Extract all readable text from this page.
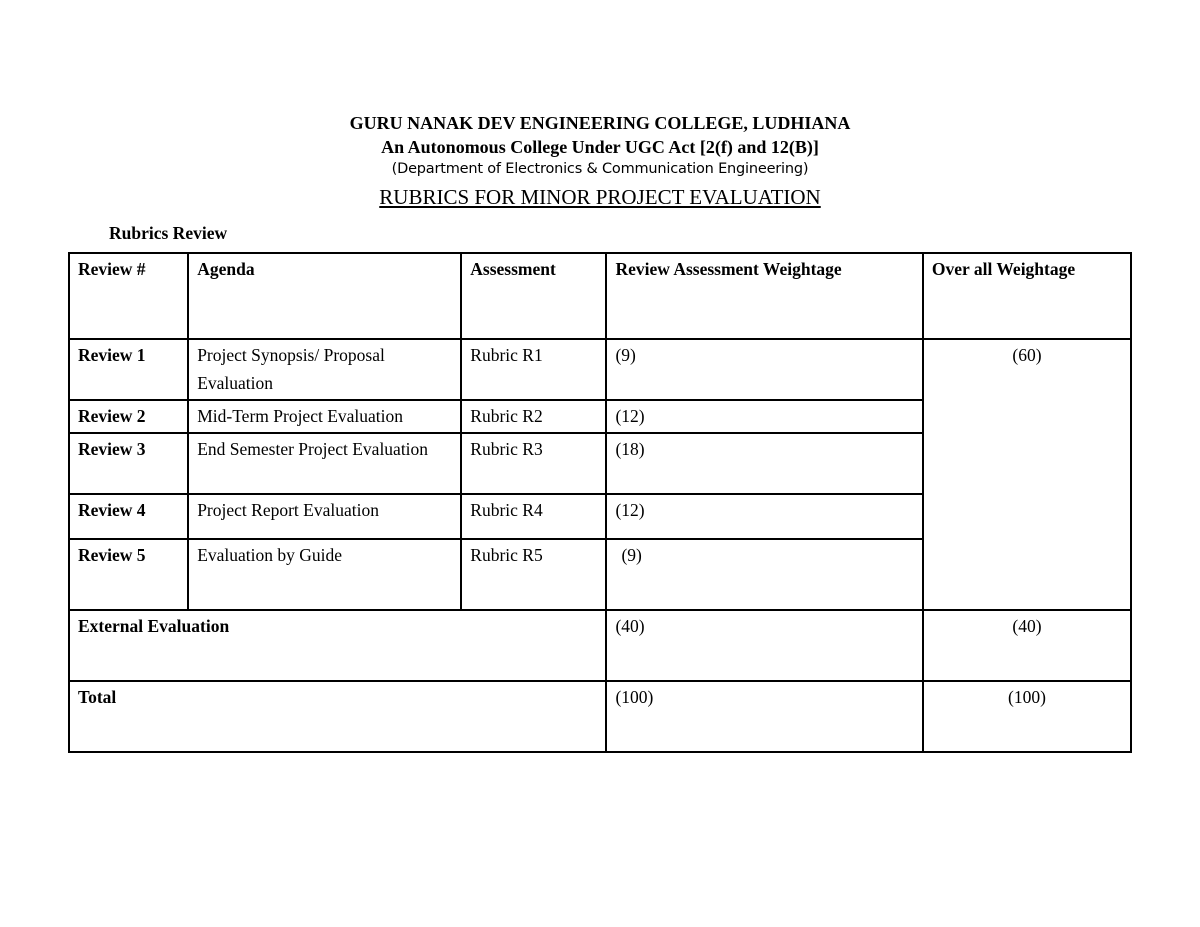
GURU NANAK DEV ENGINEERING COLLEGE, LUDHIANA

An Autonomous College Under UGC Act [2(f) and 12(B)]

(Department of Electronics & Communication Engineering)

RUBRICS FOR MINOR PROJECT EVALUATION

Rubrics Review
Review #	Agenda	Assessment	Review Assessment Weightage	Over all Weightage
Review 1	Project Synopsis/ Proposal Evaluation	Rubric R1	(9)	(60)
Review 2	Mid-Term Project Evaluation	Rubric R2	(12)	
Review 3	End Semester Project Evaluation	Rubric R3	(18)	
Review 4	Project Report Evaluation	Rubric R4	(12)	
Review 5	Evaluation by Guide	Rubric R5	(9)	
External Evaluation			(40)	(40)
Total			(100)	(100)
